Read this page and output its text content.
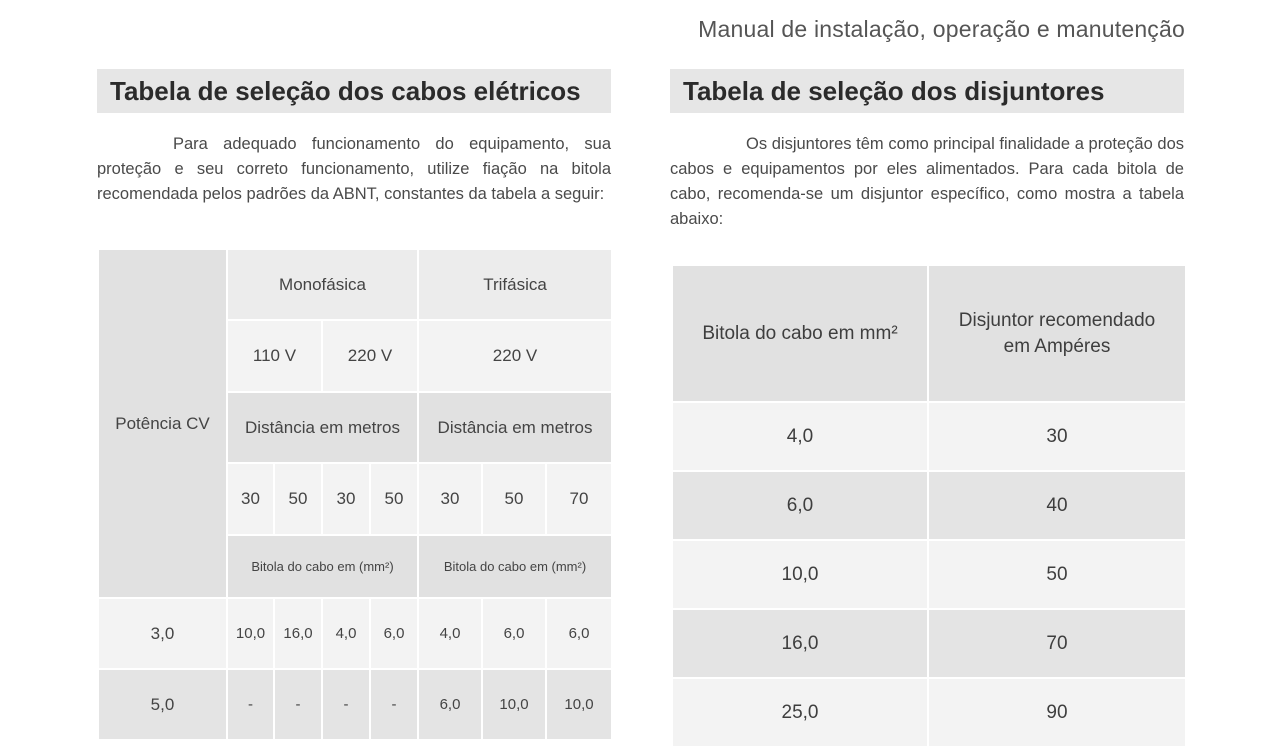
Manual de instalação, operação e manutenção
Tabela de seleção dos cabos elétricos
Para adequado funcionamento do equipamento, sua proteção e seu correto funcionamento, utilize fiação na bitola recomendada pelos padrões da ABNT, constantes da tabela a seguir:
Potência CV	Monofásica				Trifásica		
	110 V		220 V		220 V		
	Distância em metros				Distância em metros		
	30	50	30	50	30	50	70
	Bitola do cabo em (mm²)				Bitola do cabo em (mm²)		
3,0	10,0	16,0	4,0	6,0	4,0	6,0	6,0
5,0	-	-	-	-	6,0	10,0	10,0
Tabela de seleção dos disjuntores
Os disjuntores têm como principal finalidade a proteção dos cabos e equipamentos por eles alimentados. Para cada bitola de cabo, recomenda-se um disjuntor específico, como mostra a tabela abaixo:
Bitola do cabo em mm²	Disjuntor recomendado em Ampéres
4,0	30
6,0	40
10,0	50
16,0	70
25,0	90
